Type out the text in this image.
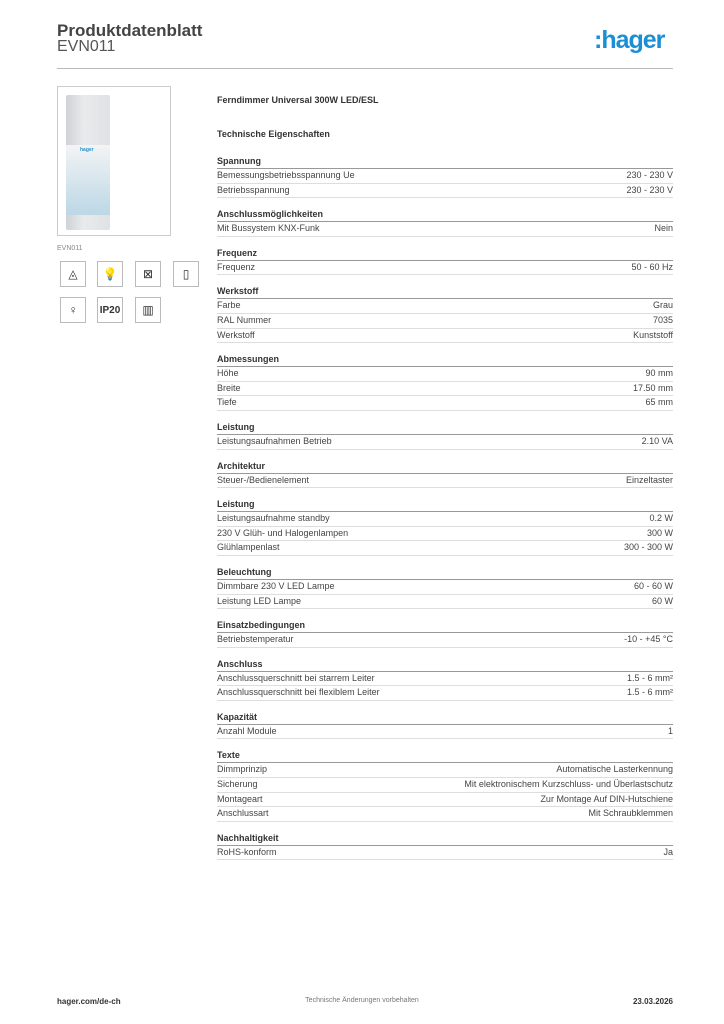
Produktdatenblatt
EVN011	:hager
hager
EVN011
◬	💡	⊠	▯
♀	IP20	▥
Ferndimmer Universal 300W LED/ESL
Technische Eigenschaften
Spannung
Bemessungsbetriebsspannung Ue	230 - 230 V
Betriebsspannung	230 - 230 V
Anschlussmöglichkeiten
Mit Bussystem KNX-Funk	Nein
Frequenz
Frequenz	50 - 60 Hz
Werkstoff
Farbe	Grau
RAL Nummer	7035
Werkstoff	Kunststoff
Abmessungen
Höhe	90 mm
Breite	17.50 mm
Tiefe	65 mm
Leistung
Leistungsaufnahmen Betrieb	2.10 VA
Architektur
Steuer-/Bedienelement	Einzeltaster
Leistung
Leistungsaufnahme standby	0.2 W
230 V Glüh- und Halogenlampen	300 W
Glühlampenlast	300 - 300 W
Beleuchtung
Dimmbare 230 V LED Lampe	60 - 60 W
Leistung LED Lampe	60 W
Einsatzbedingungen
Betriebstemperatur	-10 - +45 °C
Anschluss
Anschlussquerschnitt bei starrem Leiter	1.5 - 6 mm²
Anschlussquerschnitt bei flexiblem Leiter	1.5 - 6 mm²
Kapazität
Anzahl Module	1
Texte
Dimmprinzip	Automatische Lasterkennung
Sicherung	Mit elektronischem Kurzschluss- und Überlastschutz
Montageart	Zur Montage Auf DIN-Hutschiene
Anschlussart	Mit Schraubklemmen
Nachhaltigkeit
RoHS-konform	Ja
hager.com/de-ch	Technische Änderungen vorbehalten	23.03.2026
